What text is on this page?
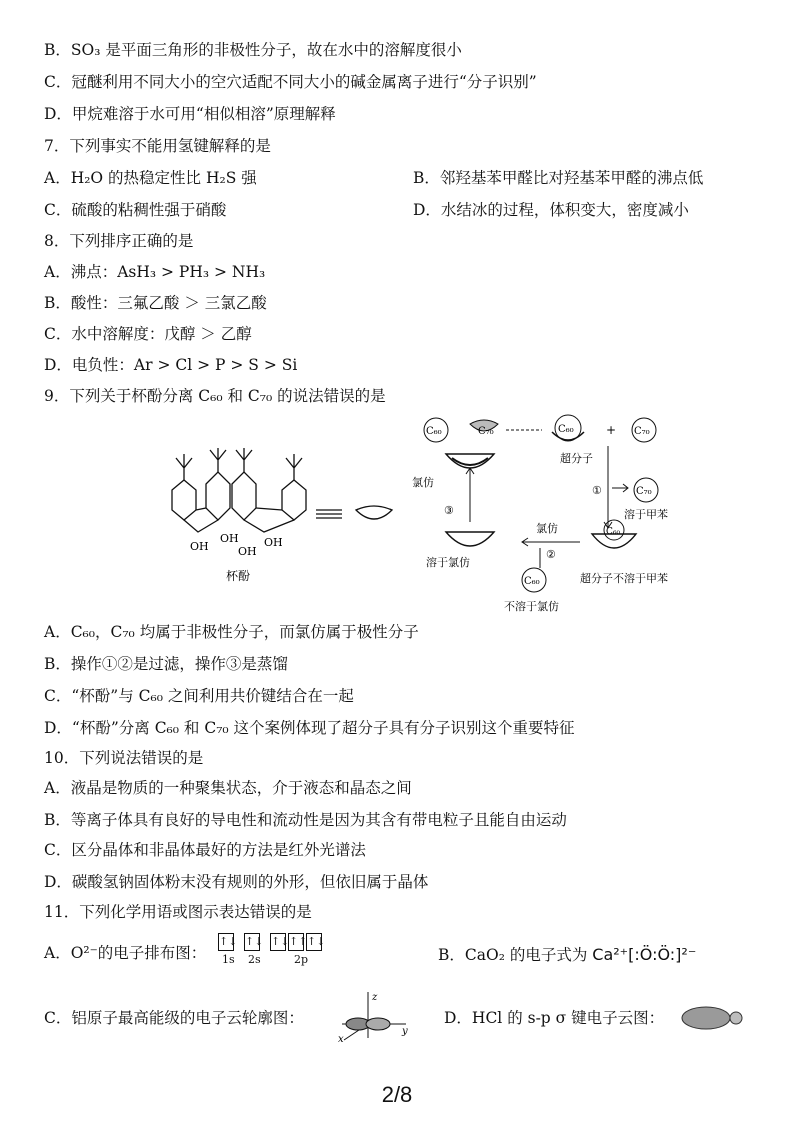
B．SO₃ 是平面三角形的非极性分子，故在水中的溶解度很小
C．冠醚利用不同大小的空穴适配不同大小的碱金属离子进行“分子识别”
D．甲烷难溶于水可用“相似相溶”原理解释
7．下列事实不能用氢键解释的是
A．H₂O 的热稳定性比 H₂S 强	B．邻羟基苯甲醛比对羟基苯甲醛的沸点低
C．硫酸的粘稠性强于硝酸	D．水结冰的过程，体积变大，密度减小
8．下列排序正确的是
A．沸点：AsH₃ > PH₃ > NH₃
B．酸性：三氟乙酸 ＞ 三氯乙酸
C．水中溶解度：戊醇 ＞ 乙醇
D．电负性：Ar > Cl > P > S > Si
9．下列关于杯酚分离 C₆₀ 和 C₇₀ 的说法错误的是
OH
OH
OH
OH
杯酚
C₆₀	C₇₀	C₆₀	+ C₇₀
超分子
①	C₇₀
溶于甲苯
C₆₀
超分子不溶于甲苯
氯仿
②
C₆₀
不溶于氯仿
溶于氯仿
③
氯仿
A．C₆₀，C₇₀ 均属于非极性分子，而氯仿属于极性分子
B．操作①②是过滤，操作③是蒸馏
C．“杯酚”与 C₆₀ 之间利用共价键结合在一起
D．“杯酚”分离 C₆₀ 和 C₇₀ 这个案例体现了超分子具有分子识别这个重要特征
10．下列说法错误的是
A．液晶是物质的一种聚集状态，介于液态和晶态之间
B．等离子体具有良好的导电性和流动性是因为其含有带电粒子且能自由运动
C．区分晶体和非晶体最好的方法是红外光谱法
D．碳酸氢钠固体粉末没有规则的外形，但依旧属于晶体
11．下列化学用语或图示表达错误的是
A．O²⁻的电子排布图：
↑↓ ↑↓ ↑↓ ↑↑ ↑↓
1s 2s	2p	B．CaO₂ 的电子式为 Ca²⁺[:Ö:Ö:]²⁻
C．铝原子最高能级的电子云轮廓图：
z
y
x
D．HCl 的 s-p σ 键电子云图：
2/8
